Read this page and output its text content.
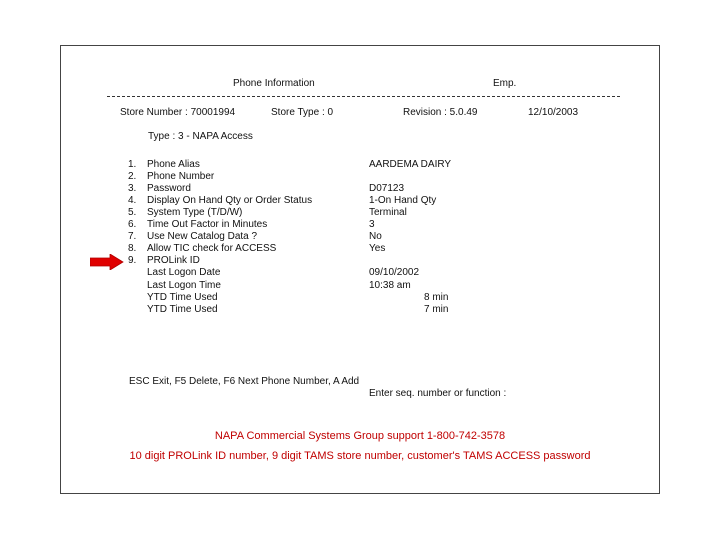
Phone Information	Emp.
Store Number : 70001994	Store Type : 0	Revision : 5.0.49	12/10/2003
Type : 3 - NAPA Access
1. Phone Alias	AARDEMA DAIRY
2. Phone Number
3. Password	D07123
4. Display On Hand Qty or Order Status	1-On Hand Qty
5. System Type (T/D/W)	Terminal
6. Time Out Factor in Minutes	3
7. Use New Catalog Data ?	No
8. Allow TIC check for ACCESS	Yes
9. PROLink ID
Last Logon Date	09/10/2002
Last Logon Time	10:38 am
YTD Time Used	8 min
YTD Time Used	7 min
ESC Exit, F5 Delete, F6 Next Phone Number, A Add
Enter seq. number or function :
NAPA Commercial Systems Group support 1-800-742-3578
10 digit PROLink ID number, 9 digit TAMS store number, customer's TAMS ACCESS password
